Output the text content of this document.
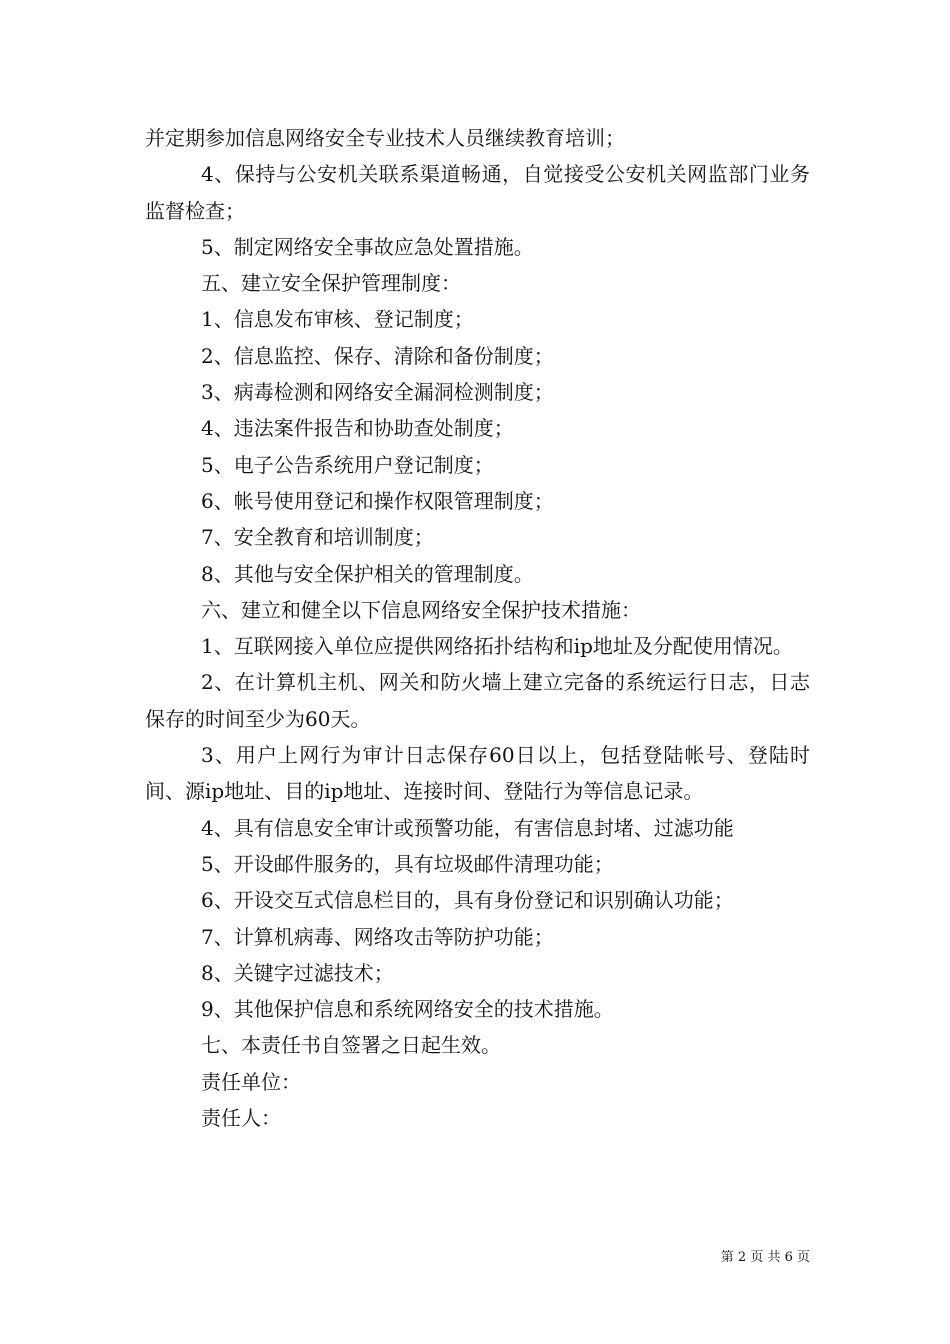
并定期参加信息网络安全专业技术人员继续教育培训；

4、保持与公安机关联系渠道畅通，自觉接受公安机关网监部门业务监督检查；

5、制定网络安全事故应急处置措施。

五、建立安全保护管理制度：

1、信息发布审核、登记制度；

2、信息监控、保存、清除和备份制度；

3、病毒检测和网络安全漏洞检测制度；

4、违法案件报告和协助查处制度；

5、电子公告系统用户登记制度；

6、帐号使用登记和操作权限管理制度；

7、安全教育和培训制度；

8、其他与安全保护相关的管理制度。

六、建立和健全以下信息网络安全保护技术措施：

1、互联网接入单位应提供网络拓扑结构和ip地址及分配使用情况。

2、在计算机主机、网关和防火墙上建立完备的系统运行日志，日志保存的时间至少为60天。

3、用户上网行为审计日志保存60日以上，包括登陆帐号、登陆时间、源ip地址、目的ip地址、连接时间、登陆行为等信息记录。

4、具有信息安全审计或预警功能，有害信息封堵、过滤功能

5、开设邮件服务的，具有垃圾邮件清理功能；

6、开设交互式信息栏目的，具有身份登记和识别确认功能；

7、计算机病毒、网络攻击等防护功能；

8、关键字过滤技术；

9、其他保护信息和系统网络安全的技术措施。

七、本责任书自签署之日起生效。

责任单位：

责任人：

第 2 页 共 6 页
